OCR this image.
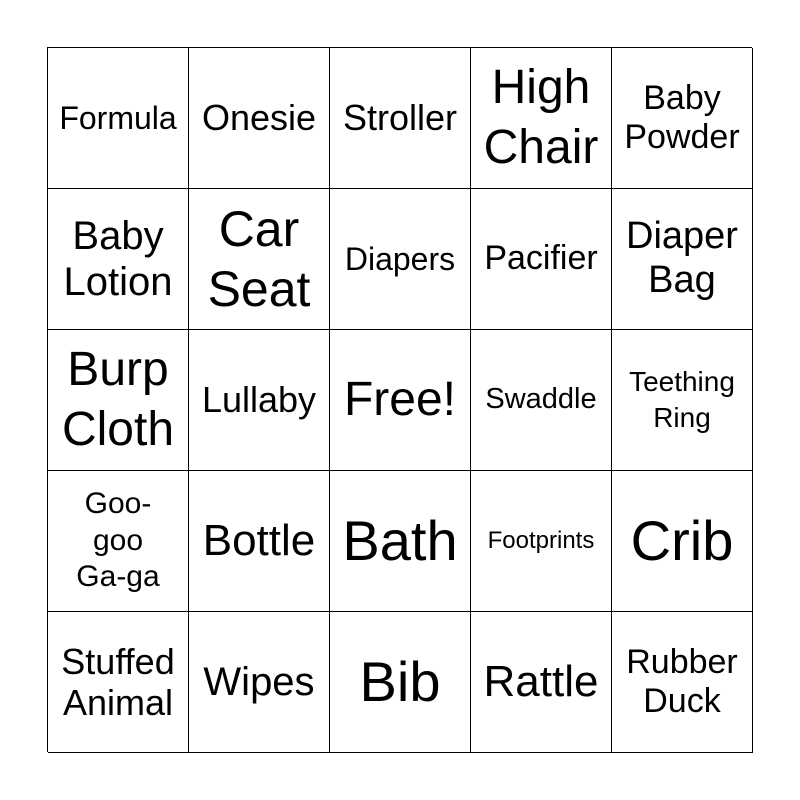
Formula Onesie Stroller
High
Chair
Baby
Powder
Baby
Lotion
Car
Seat
Diapers Pacifier
Diaper
Bag
Burp
Cloth
Lullaby Free! Swaddle
Teething
Ring
Goo-
goo
Ga-ga
Bottle Bath Footprints Crib
Stuffed
Animal Wipes Bib Rattle Rubber
Duck
